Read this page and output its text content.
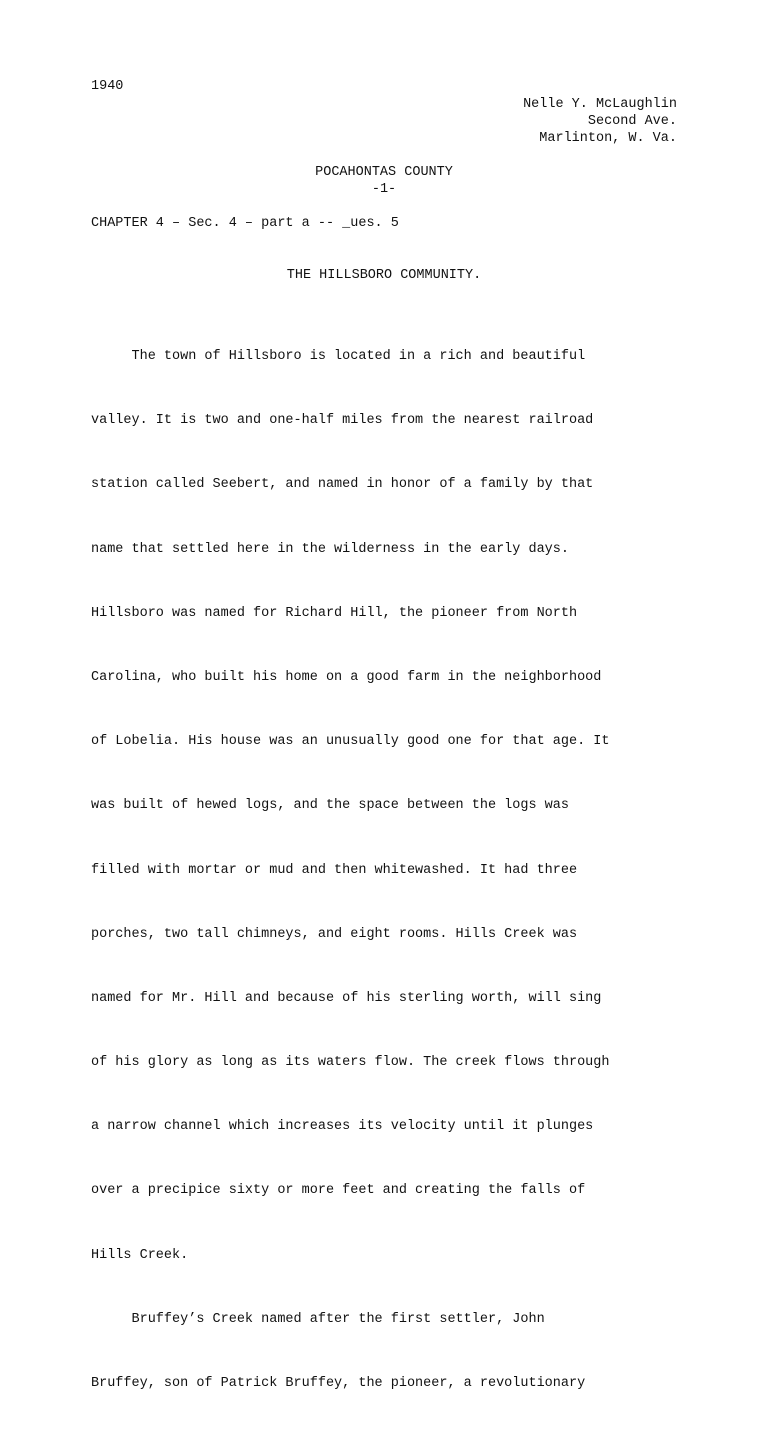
1940
Nelle Y. McLaughlin
Second Ave.
Marlinton, W. Va.
POCAHONTAS COUNTY
-1-
CHAPTER 4 – Sec. 4 – part a -- _ues. 5
THE HILLSBORO COMMUNITY.

The town of Hillsboro is located in a rich and beautiful

valley. It is two and one-half miles from the nearest railroad

station called Seebert, and named in honor of a family by that

name that settled here in the wilderness in the early days.

Hillsboro was named for Richard Hill, the pioneer from North

Carolina, who built his home on a good farm in the neighborhood

of Lobelia. His house was an unusually good one for that age. It

was built of hewed logs, and the space between the logs was

filled with mortar or mud and then whitewashed. It had three

porches, two tall chimneys, and eight rooms. Hills Creek was

named for Mr. Hill and because of his sterling worth, will sing

of his glory as long as its waters flow. The creek flows through

a narrow channel which increases its velocity until it plunges

over a precipice sixty or more feet and creating the falls of

Hills Creek.

Bruffey’s Creek named after the first settler, John

Bruffey, son of Patrick Bruffey, the pioneer, a revolutionary
